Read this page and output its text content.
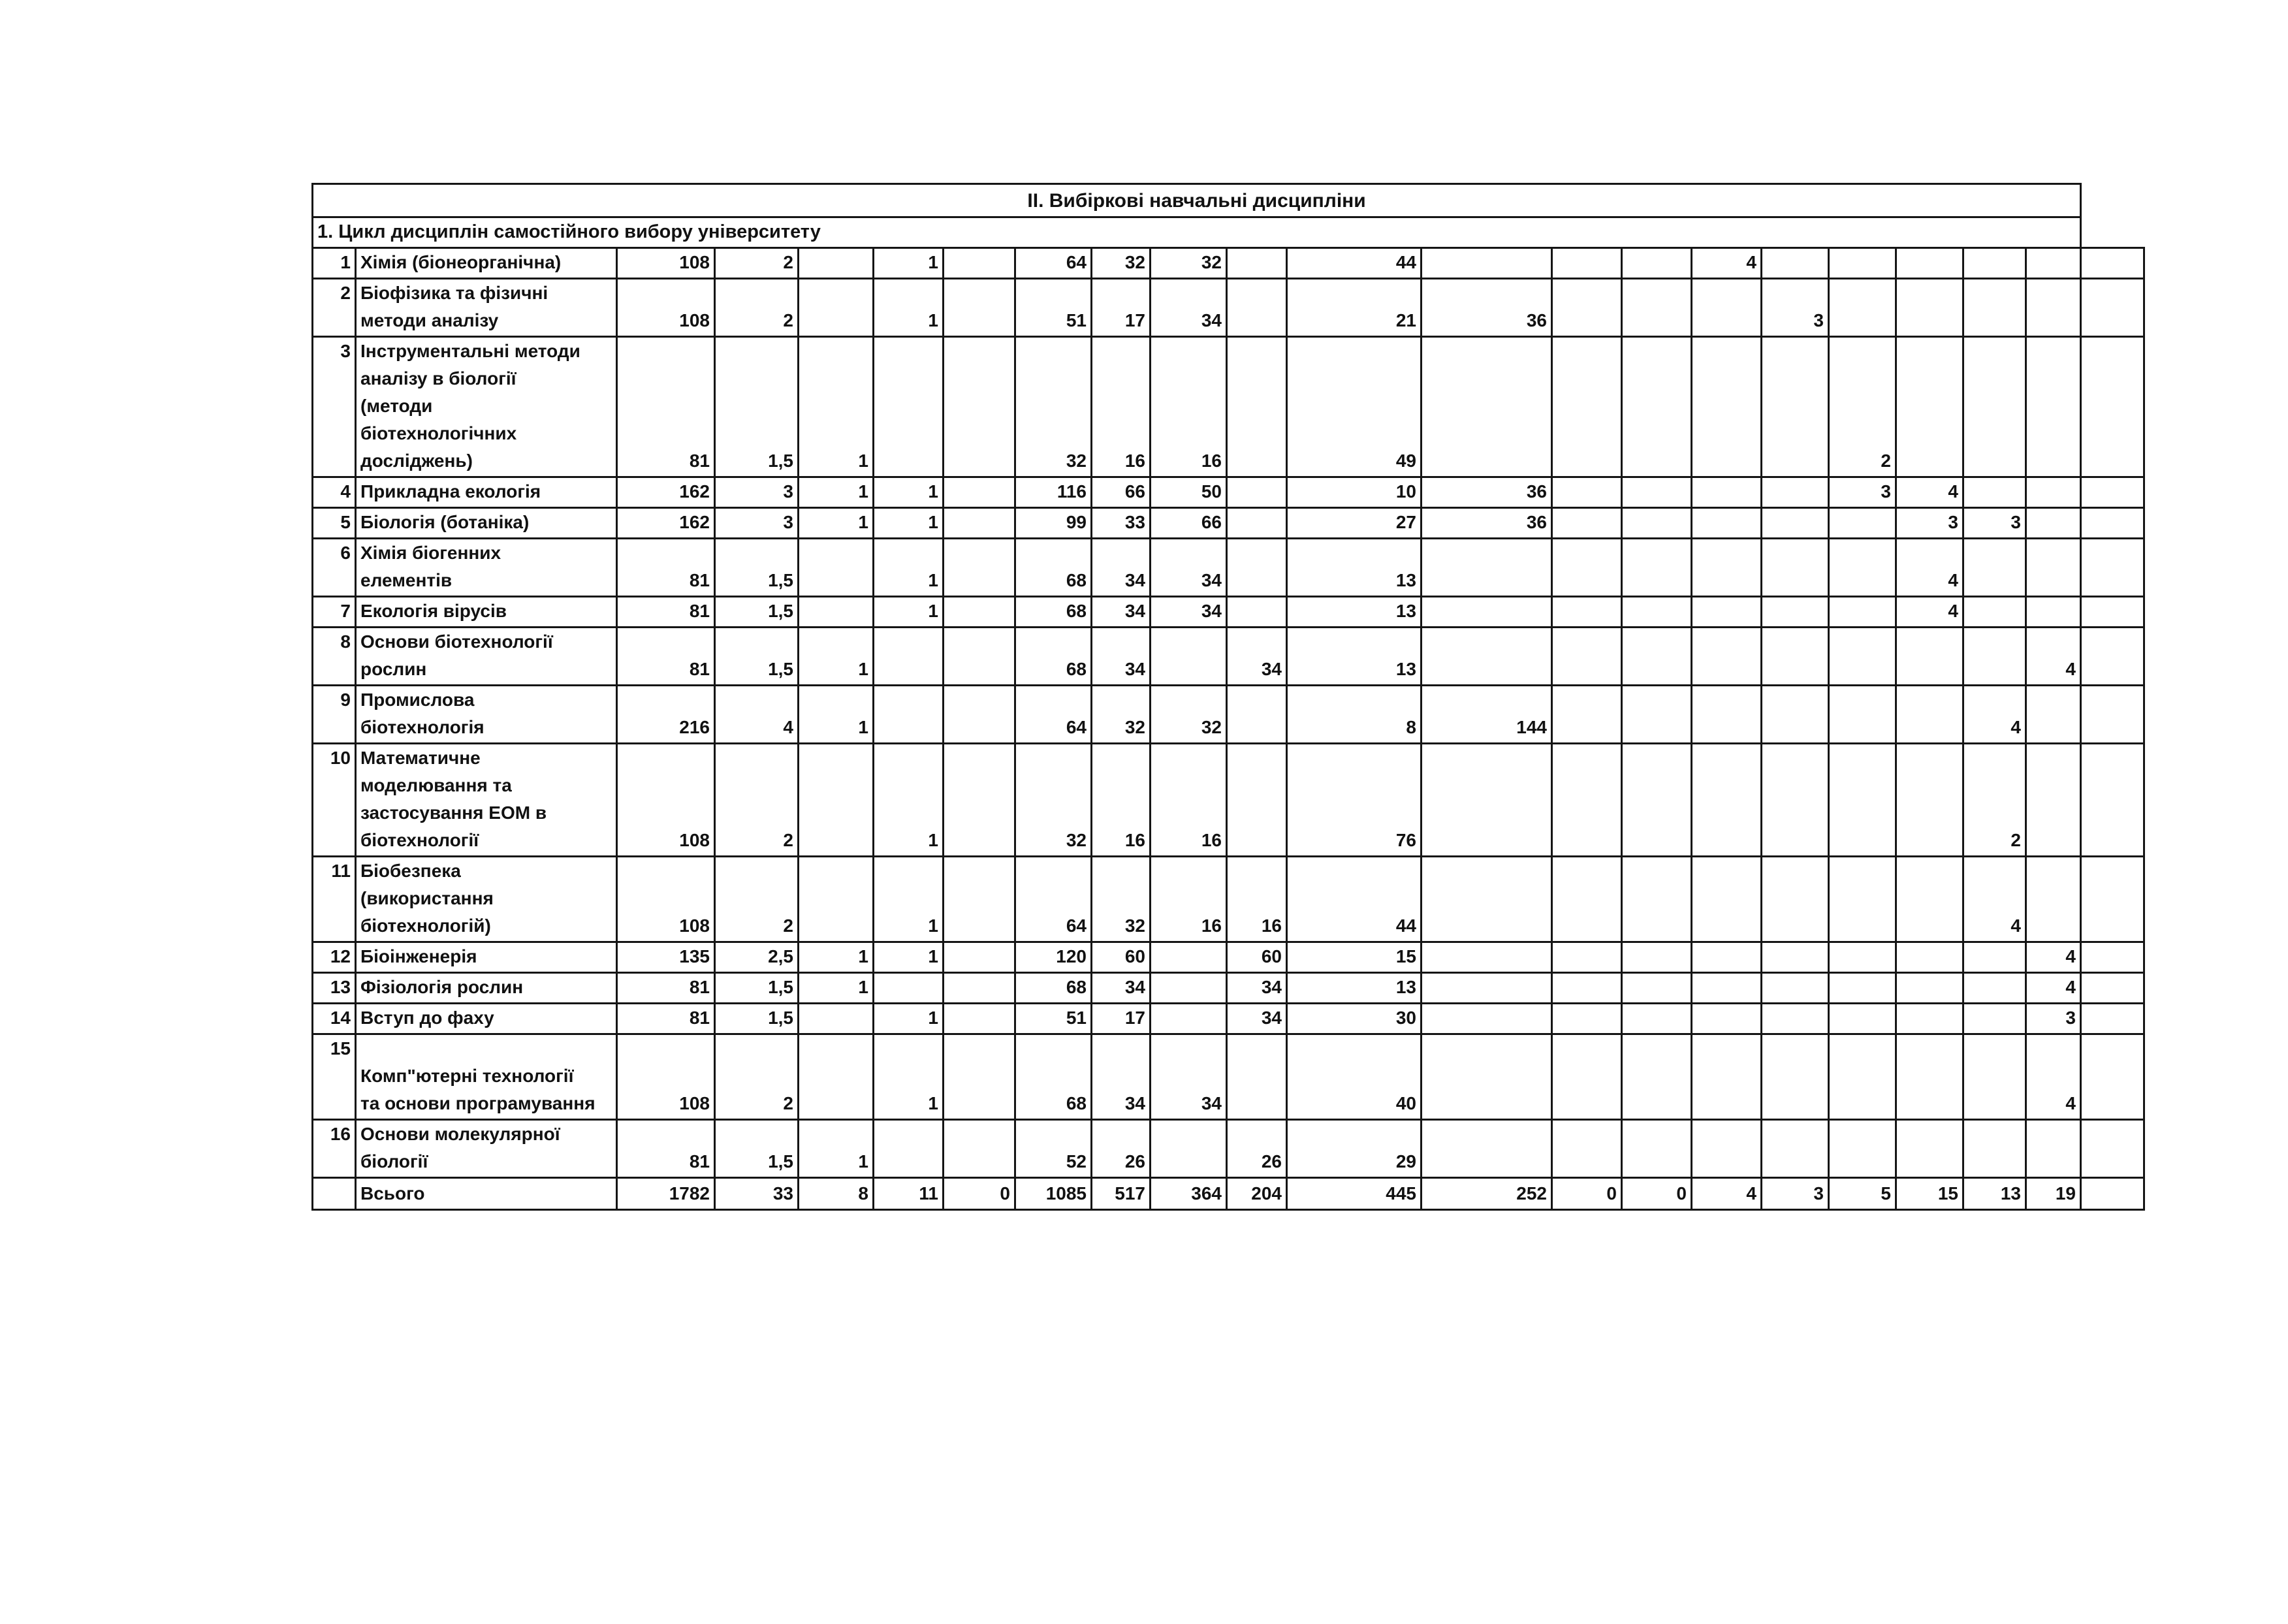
II. Вибіркові навчальні дисципліни																					
1. Цикл дисциплін самостійного вибору університету																					
1	Хімія (біонеорганічна)	108	2		1		64	32	32		44				4							
2	Біофізика та фізичні
методи аналізу	108	2		1		51	17	34		21	36				3						
3	Інструментальні методи
аналізу в біології
(методи
біотехнологічних
досліджень)	81	1,5	1			32	16	16		49						2					
4	Прикладна екологія	162	3	1	1		116	66	50		10	36					3	4				
5	Біологія (ботаніка)	162	3	1	1		99	33	66		27	36						3	3			
6	Хімія біогенних
елементів	81	1,5		1		68	34	34		13							4				
7	Екологія вірусів	81	1,5		1		68	34	34		13							4				
8	Основи біотехнології
рослин	81	1,5	1			68	34		34	13									4		
9	Промислова
біотехнологія	216	4	1			64	32	32		8	144							4			
10	Математичне
моделювання та
застосування ЕОМ в
біотехнології	108	2		1		32	16	16		76								2			
11	Біобезпека
(використання
біотехнологій)	108	2		1		64	32	16	16	44								4			
12	Біоінженерія	135	2,5	1	1		120	60		60	15									4		
13	Фізіологія рослин	81	1,5	1			68	34		34	13									4		
14	Вступ до фаху	81	1,5		1		51	17		34	30									3		
15	
Комп"ютерні технології
та основи програмування	108	2		1		68	34	34		40									4		
16	Основи молекулярної
біології	81	1,5	1			52	26		26	29											
	Всього	1782	33	8	11	0	1085	517	364	204	445	252	0	0	4	3	5	15	13	19		
